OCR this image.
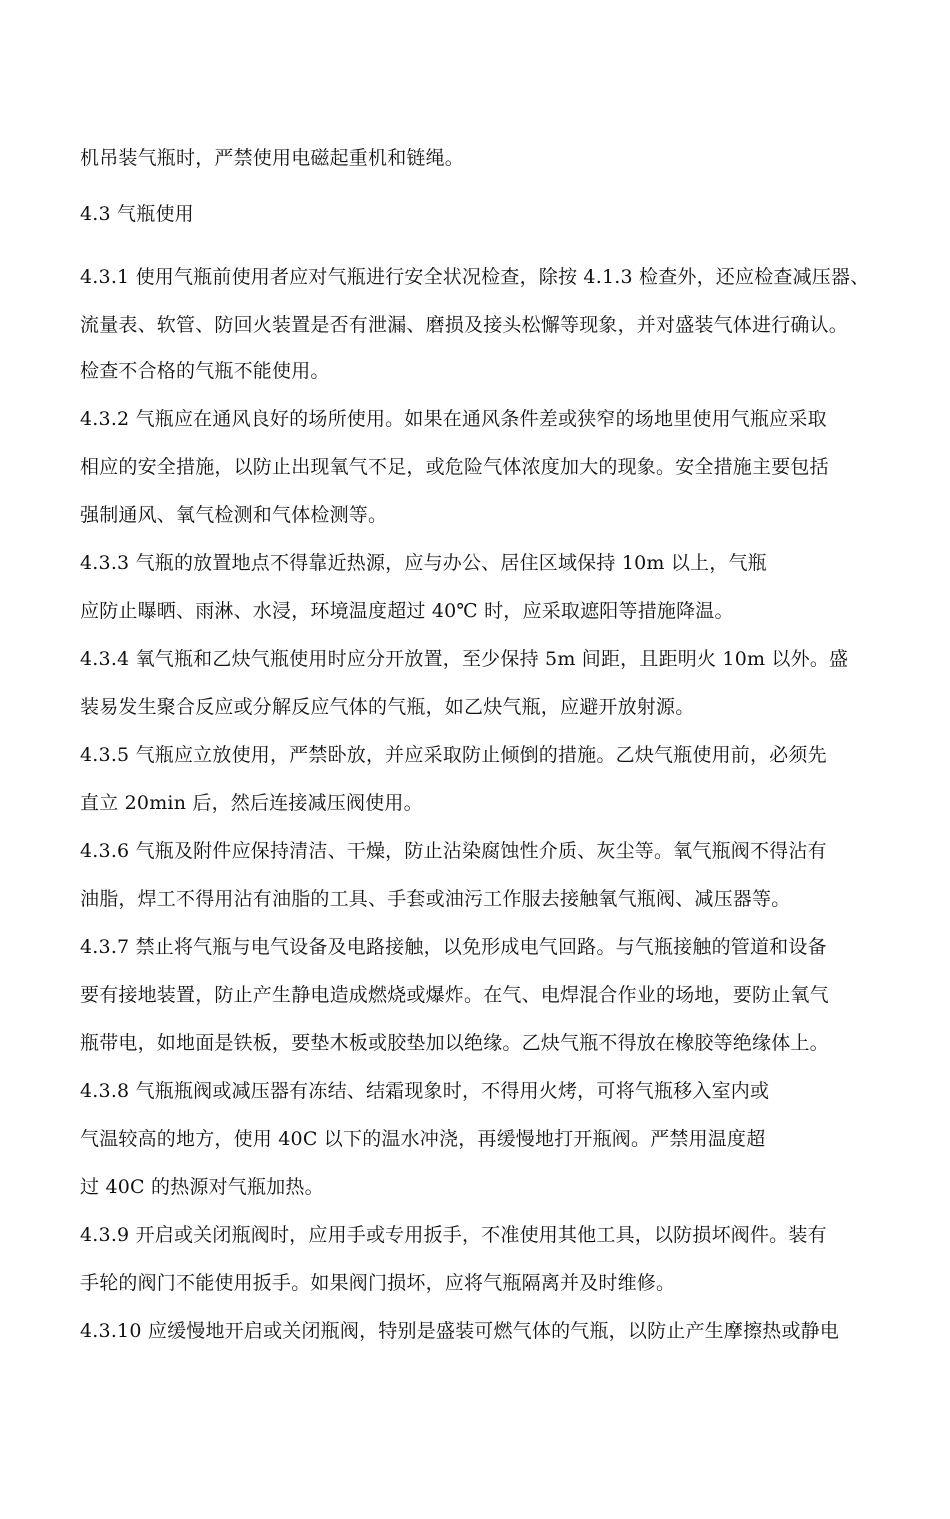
机吊装气瓶时，严禁使用电磁起重机和链绳。
4.3 气瓶使用
4.3.1 使用气瓶前使用者应对气瓶进行安全状况检查，除按 4.1.3 检查外，还应检查减压器、
流量表、软管、防回火装置是否有泄漏、磨损及接头松懈等现象，并对盛装气体进行确认。
检查不合格的气瓶不能使用。
4.3.2 气瓶应在通风良好的场所使用。如果在通风条件差或狭窄的场地里使用气瓶应采取
相应的安全措施，以防止出现氧气不足，或危险气体浓度加大的现象。安全措施主要包括
强制通风、氧气检测和气体检测等。
4.3.3 气瓶的放置地点不得靠近热源，应与办公、居住区域保持 10m 以上，气瓶
应防止曝晒、雨淋、水浸，环境温度超过 40℃ 时，应采取遮阳等措施降温。
4.3.4 氧气瓶和乙炔气瓶使用时应分开放置，至少保持 5m 间距，且距明火 10m 以外。盛
装易发生聚合反应或分解反应气体的气瓶，如乙炔气瓶，应避开放射源。
4.3.5 气瓶应立放使用，严禁卧放，并应采取防止倾倒的措施。乙炔气瓶使用前，必须先
直立 20min 后，然后连接减压阀使用。
4.3.6 气瓶及附件应保持清洁、干燥，防止沾染腐蚀性介质、灰尘等。氧气瓶阀不得沾有
油脂，焊工不得用沾有油脂的工具、手套或油污工作服去接触氧气瓶阀、减压器等。
4.3.7 禁止将气瓶与电气设备及电路接触，以免形成电气回路。与气瓶接触的管道和设备
要有接地装置，防止产生静电造成燃烧或爆炸。在气、电焊混合作业的场地，要防止氧气
瓶带电，如地面是铁板，要垫木板或胶垫加以绝缘。乙炔气瓶不得放在橡胶等绝缘体上。
4.3.8 气瓶瓶阀或减压器有冻结、结霜现象时，不得用火烤，可将气瓶移入室内或
气温较高的地方，使用 40C 以下的温水冲浇，再缓慢地打开瓶阀。严禁用温度超
过 40C 的热源对气瓶加热。
4.3.9 开启或关闭瓶阀时，应用手或专用扳手，不准使用其他工具，以防损坏阀件。装有
手轮的阀门不能使用扳手。如果阀门损坏，应将气瓶隔离并及时维修。
4.3.10 应缓慢地开启或关闭瓶阀，特别是盛装可燃气体的气瓶，以防止产生摩擦热或静电
